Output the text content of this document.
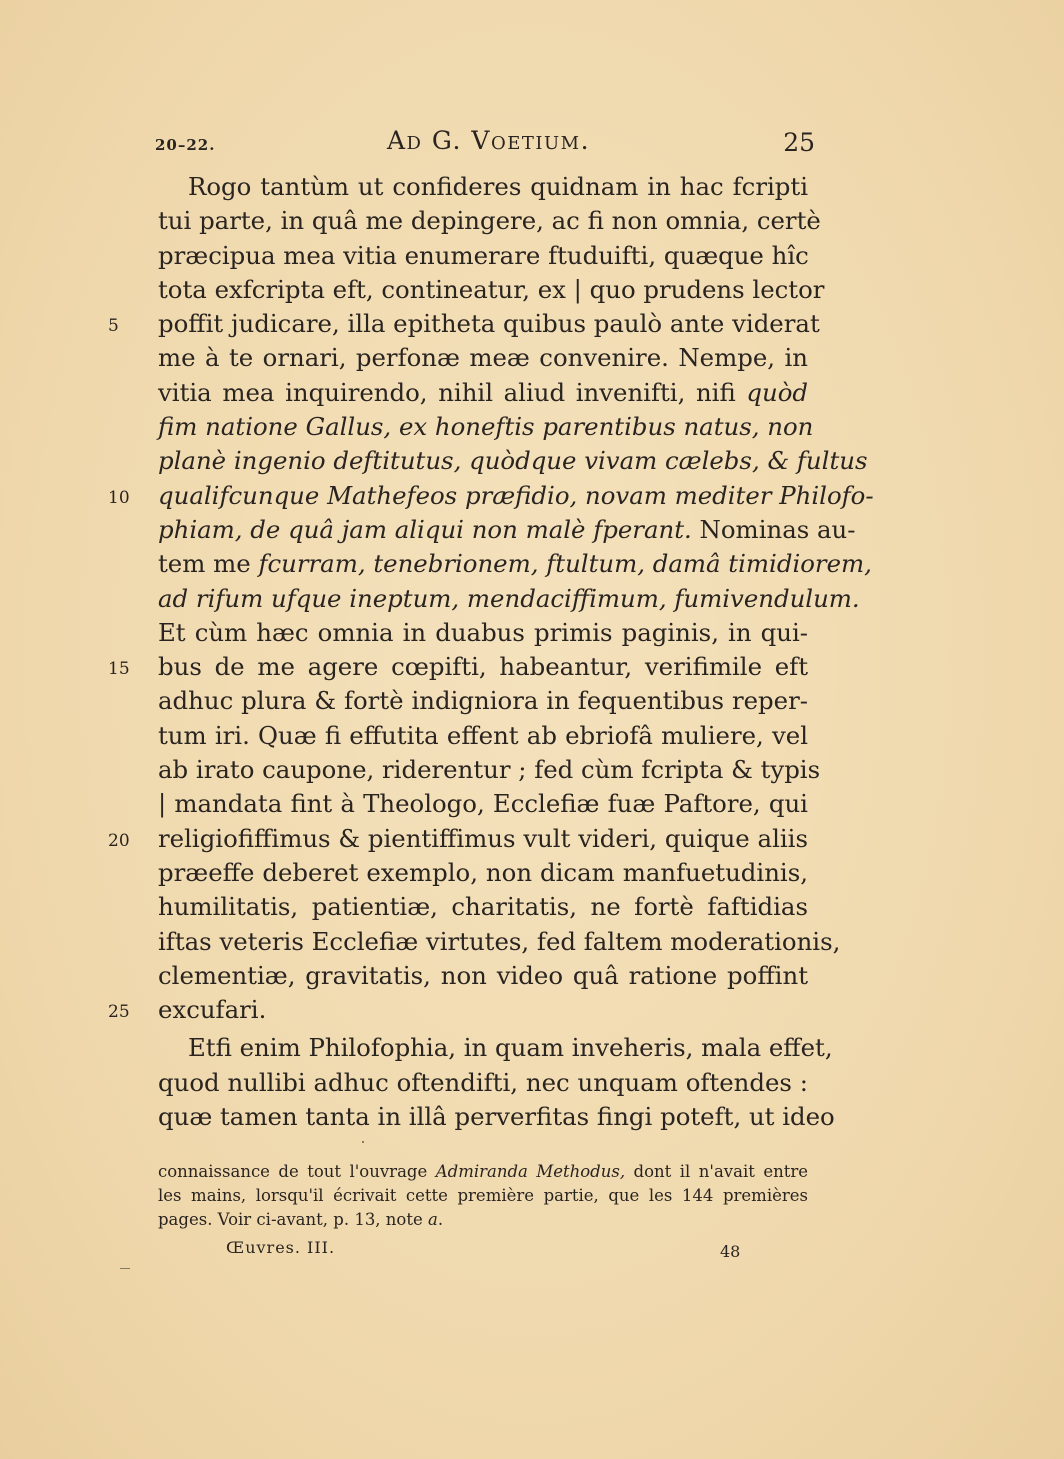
20–22.	Ad G. Voetium.	25
Rogo tantùm ut confideres quidnam in hac fcripti
tui parte, in quâ me depingere, ac fi non omnia, certè
præcipua mea vitia enumerare ftuduifti, quæque hîc
tota exfcripta eft, contineatur, ex | quo prudens lector
poffit judicare, illa epitheta quibus paulò ante viderat
me à te ornari, perfonæ meæ convenire. Nempe, in
vitia mea inquirendo, nihil aliud invenifti, nifi quòd
fim natione Gallus, ex honeftis parentibus natus, non
planè ingenio deftitutus, quòdque vivam cælebs, & fultus
qualifcunque Mathefeos præfidio, novam mediter Philofo-
phiam, de quâ jam aliqui non malè fperant. Nominas au-
tem me fcurram, tenebrionem, ftultum, damâ timidiorem,
ad rifum ufque ineptum, mendaciffimum, fumivendulum.
Et cùm hæc omnia in duabus primis paginis, in qui-
bus de me agere cœpifti, habeantur, verifimile eft
adhuc plura & fortè indigniora in fequentibus reper-
tum iri. Quæ fi effutita effent ab ebriofâ muliere, vel
ab irato caupone, riderentur ; fed cùm fcripta & typis
| mandata fint à Theologo, Ecclefiæ fuæ Paftore, qui
religiofiffimus & pientiffimus vult videri, quique aliis
præeffe deberet exemplo, non dicam manfuetudinis,
humilitatis, patientiæ, charitatis, ne fortè faftidias
iftas veteris Ecclefiæ virtutes, fed faltem moderationis,
clementiæ, gravitatis, non video quâ ratione poffint
excufari.
Etfi enim Philofophia, in quam inveheris, mala effet,
quod nullibi adhuc oftendifti, nec unquam oftendes :
quæ tamen tanta in illâ perverfitas fingi poteft, ut ideo
5
10
15
20
25
connaissance de tout l'ouvrage Admiranda Methodus, dont il n'avait entre
les mains, lorsqu'il écrivait cette première partie, que les 144 premières
pages. Voir ci-avant, p. 13, note a.
Œuvres. III.	48
